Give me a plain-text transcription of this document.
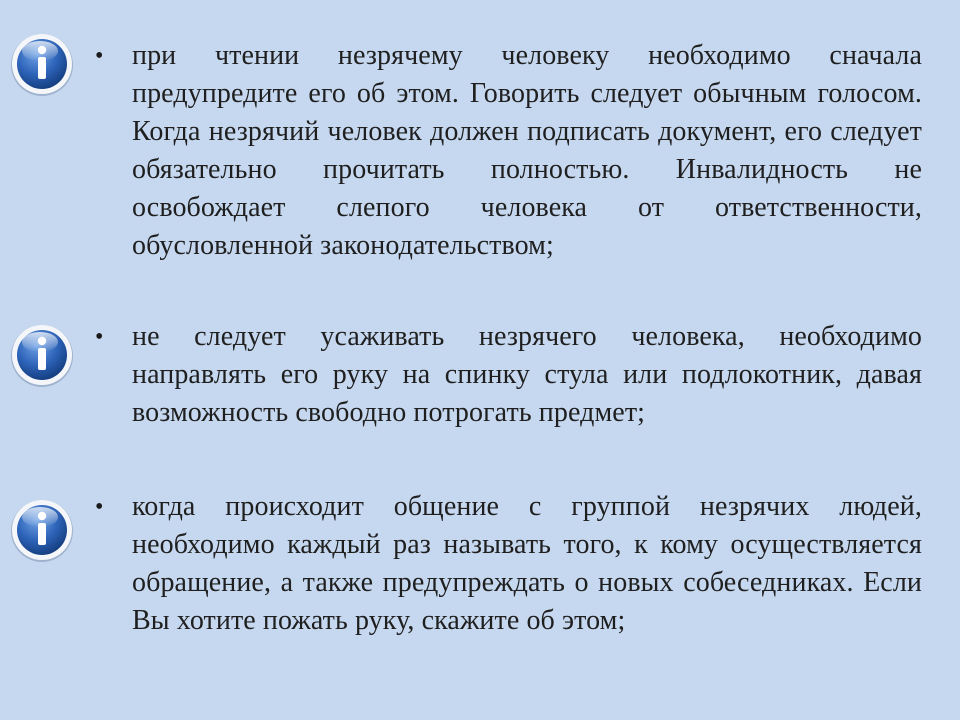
•	при чтении незрячему человеку необходимо сначала предупредите его об этом. Говорить следует обычным голосом. Когда незрячий человек должен подписать документ, его следует обязательно прочитать полностью. Инвалидность не освобождает слепого человека от ответственности, обусловленной законодательством;
•	не следует усаживать незрячего человека, необходимо направлять его руку на спинку стула или подлокотник, давая возможность свободно потрогать предмет;
•	когда происходит общение с группой незрячих людей, необходимо каждый раз называть того, к кому осуществляется обращение, а также предупреждать о новых собеседниках. Если Вы хотите пожать руку, скажите об этом;
